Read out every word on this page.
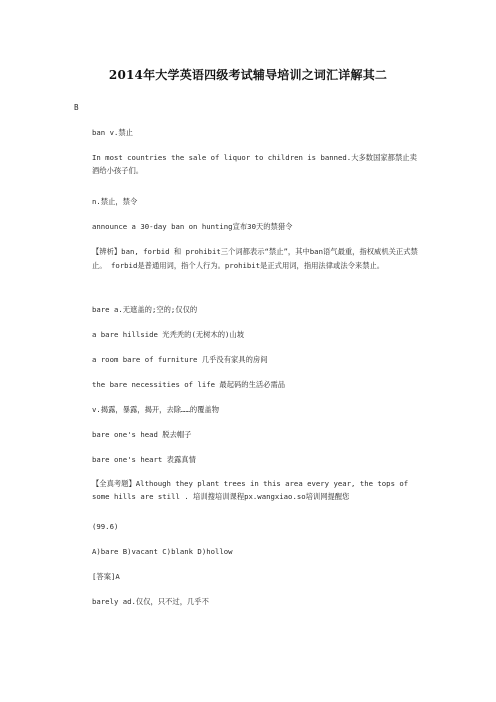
2014年大学英语四级考试辅导培训之词汇详解其二
B
ban v.禁止
In most countries the sale of liquor to children is banned.大多数国家都禁止卖酒给小孩子们。
n.禁止，禁令
announce a 30-day ban on hunting宣布30天的禁猎令
【辨析】ban, forbid 和 prohibit三个词都表示“禁止”，其中ban语气最重，指权威机关正式禁止。 forbid是普通用词，指个人行为。prohibit是正式用词，指用法律或法令来禁止。
bare a.无遮盖的;空的;仅仅的
a bare hillside 光秃秃的(无树木的)山坡
a room bare of furniture 几乎没有家具的房间
the bare necessities of life 最起码的生活必需品
v.揭露，暴露，揭开，去除……的覆盖物
bare one's head 脱去帽子
bare one's heart 表露真情
【全真考题】Although they plant trees in this area every year, the tops of some hills are still . 培训搜培训课程px.wangxiao.so培训网提醒您
(99.6)
A)bare B)vacant C)blank D)hollow
[答案]A
barely ad.仅仅，只不过，几乎不
